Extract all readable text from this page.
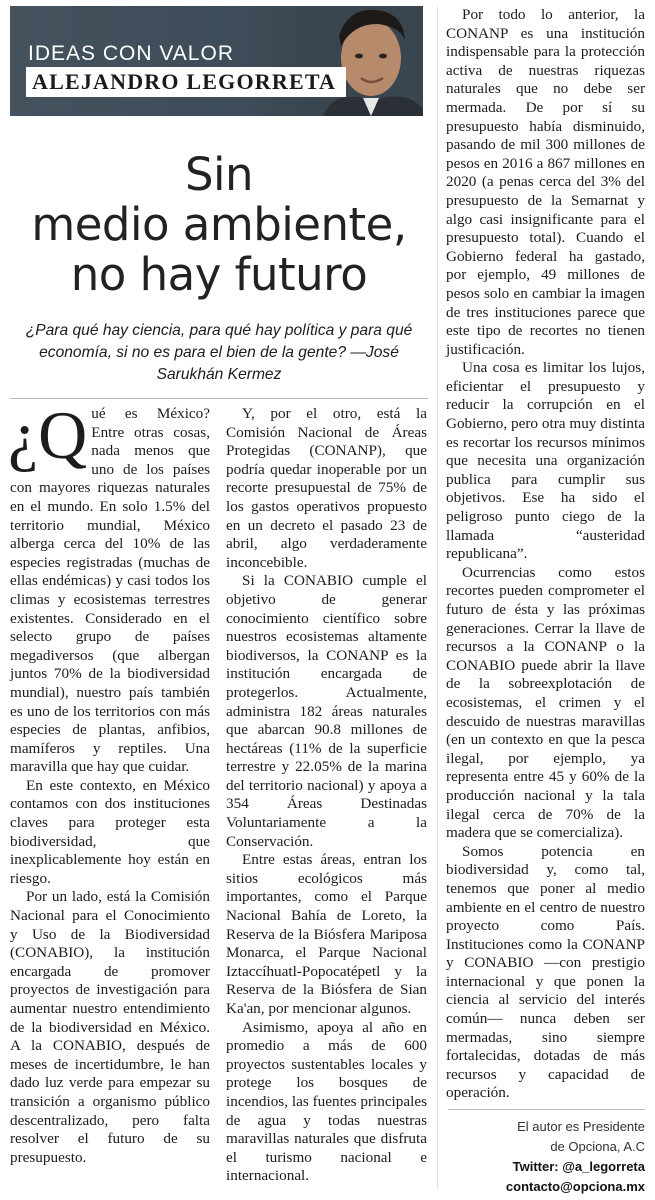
IDEAS CON VALOR
ALEJANDRO LEGORRETA
Sin
medio ambiente,
no hay futuro
¿Para qué hay ciencia, para qué hay política y para qué economía, si no es para el bien de la gente? —José Sarukhán Kermez

¿Q ué es México? Entre otras cosas, nada menos que uno de los países con mayores riquezas naturales en el mundo. En solo 1.5% del territorio mundial, México alberga cerca del 10% de las especies registradas (muchas de ellas endémicas) y casi todos los climas y ecosistemas terrestres existentes. Considerado en el selecto grupo de países megadiversos (que albergan juntos 70% de la biodiversidad mundial), nuestro país también es uno de los territorios con más especies de plantas, anfibios, mamíferos y reptiles. Una maravilla que hay que cuidar.

En este contexto, en México contamos con dos instituciones claves para proteger esta biodiversidad, que inexplicablemente hoy están en riesgo.

Por un lado, está la Comisión Nacional para el Conocimiento y Uso de la Biodiversidad (CONABIO), la institución encargada de promover proyectos de investigación para aumentar nuestro entendimiento de la biodiversidad en México. A la CONABIO, después de meses de incertidumbre, le han dado luz verde para empezar su transición a organismo público descentralizado, pero falta resolver el futuro de su presupuesto.

Y, por el otro, está la Comisión Nacional de Áreas Protegidas (CONANP), que podría quedar inoperable por un recorte presupuestal de 75% de los gastos operativos propuesto en un decreto el pasado 23 de abril, algo verdaderamente inconcebible.

Si la CONABIO cumple el objetivo de generar conocimiento científico sobre nuestros ecosistemas altamente biodiversos, la CONANP es la institución encargada de protegerlos. Actualmente, administra 182 áreas naturales que abarcan 90.8 millones de hectáreas (11% de la superficie terrestre y 22.05% de la marina del territorio nacional) y apoya a 354 Áreas Destinadas Voluntariamente a la Conservación.

Entre estas áreas, entran los sitios ecológicos más importantes, como el Parque Nacional Bahía de Loreto, la Reserva de la Biósfera Mariposa Monarca, el Parque Nacional Iztaccíhuatl-Popocatépetl y la Reserva de la Biósfera de Sian Ka'an, por mencionar algunos.

Asimismo, apoya al año en promedio a más de 600 proyectos sustentables locales y protege los bosques de incendios, las fuentes principales de agua y todas nuestras maravillas naturales que disfruta el turismo nacional e internacional.

Por todo lo anterior, la CONANP es una institución indispensable para la protección activa de nuestras riquezas naturales que no debe ser mermada. De por sí su presupuesto había disminuido, pasando de mil 300 millones de pesos en 2016 a 867 millones en 2020 (a penas cerca del 3% del presupuesto de la Semarnat y algo casi insignificante para el presupuesto total). Cuando el Gobierno federal ha gastado, por ejemplo, 49 millones de pesos solo en cambiar la imagen de tres instituciones parece que este tipo de recortes no tienen justificación.

Una cosa es limitar los lujos, eficientar el presupuesto y reducir la corrupción en el Gobierno, pero otra muy distinta es recortar los recursos mínimos que necesita una organización publica para cumplir sus objetivos. Ese ha sido el peligroso punto ciego de la llamada “austeridad republicana”.

Ocurrencias como estos recortes pueden comprometer el futuro de ésta y las próximas generaciones. Cerrar la llave de recursos a la CONANP o la CONABIO puede abrir la llave de la sobreexplotación de ecosistemas, el crimen y el descuido de nuestras maravillas (en un contexto en que la pesca ilegal, por ejemplo, ya representa entre 45 y 60% de la producción nacional y la tala ilegal cerca de 70% de la madera que se comercializa).

Somos potencia en biodiversidad y, como tal, tenemos que poner al medio ambiente en el centro de nuestro proyecto como País. Instituciones como la CONANP y CONABIO —con prestigio internacional y que ponen la ciencia al servicio del interés común— nunca deben ser mermadas, sino siempre fortalecidas, dotadas de más recursos y capacidad de operación.

El autor es Presidente
de Opciona, A.C
Twitter: @a_legorreta
contacto@opciona.mx
